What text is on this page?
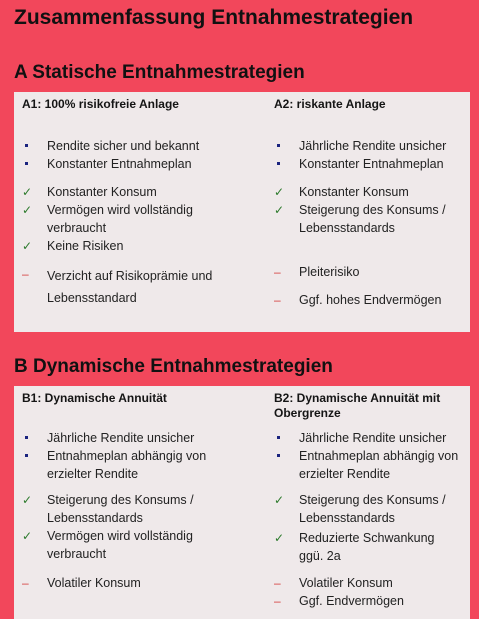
Zusammenfassung Entnahmestrategien
A Statische Entnahmestrategien
A1: 100% risikofreie Anlage
Rendite sicher und bekannt
Konstanter Entnahmeplan
✓	Konstanter Konsum
✓	Vermögen wird vollständig verbraucht
✓	Keine Risiken
–	Verzicht auf Risikoprämie und Lebensstandard
A2: riskante Anlage
Jährliche Rendite unsicher
Konstanter Entnahmeplan
✓	Konstanter Konsum
✓	Steigerung des Konsums / Lebensstandards
–	Pleiterisiko
–	Ggf. hohes Endvermögen
B Dynamische Entnahmestrategien
B1: Dynamische Annuität
Jährliche Rendite unsicher
Entnahmeplan abhängig von erzielter Rendite
✓	Steigerung des Konsums / Lebensstandards
✓	Vermögen wird vollständig verbraucht
–	Volatiler Konsum
B2: Dynamische Annuität mit Obergrenze
Jährliche Rendite unsicher
Entnahmeplan abhängig von erzielter Rendite
✓	Steigerung des Konsums / Lebensstandards
✓	Reduzierte Schwankung ggü. 2a
–	Volatiler Konsum
–	Ggf. Endvermögen
